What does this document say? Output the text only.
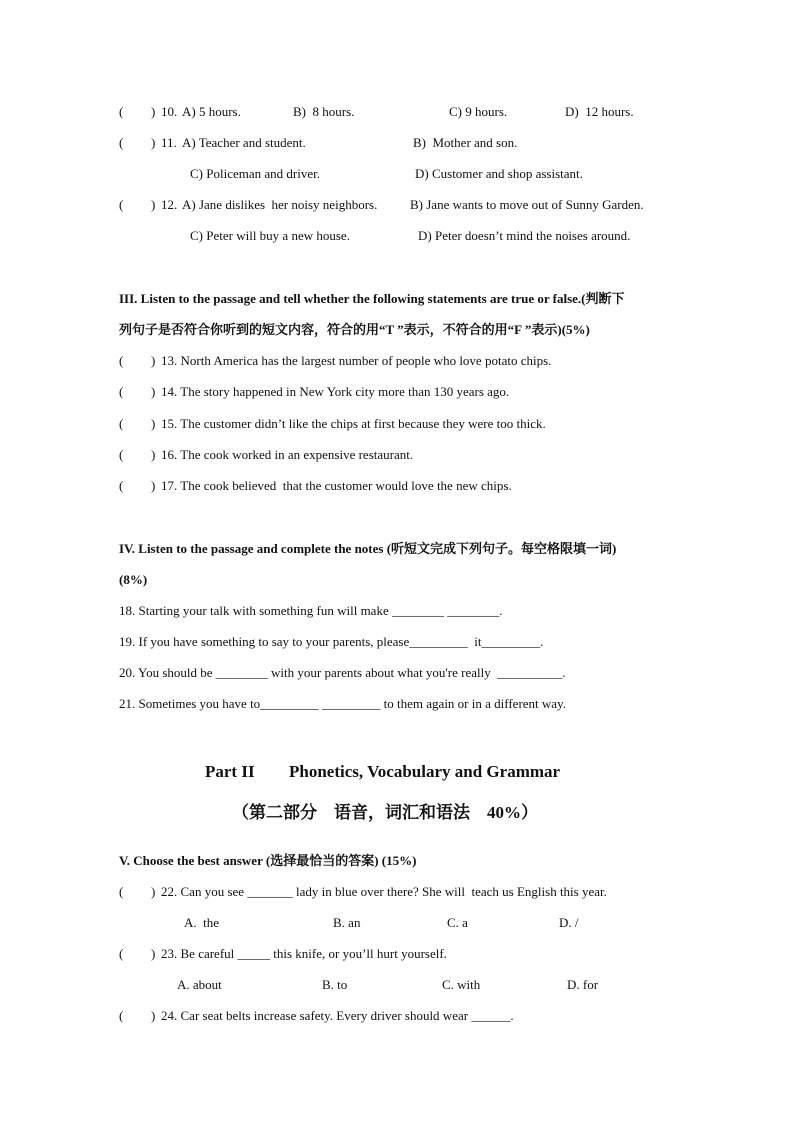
( ) 10. A) 5 hours.	B)  8 hours.	C) 9 hours.	D)  12 hours.
( ) 11. A) Teacher and student.	B)  Mother and son.
C) Policeman and driver.	D) Customer and shop assistant.
( ) 12. A) Jane dislikes  her noisy neighbors.	B) Jane wants to move out of Sunny Garden.
C) Peter will buy a new house.	D) Peter doesn’t mind the noises around.
III. Listen to the passage and tell whether the following statements are true or false.(判断下
列句子是否符合你听到的短文内容，符合的用“T ”表示，不符合的用“F ”表示)(5%)
( ) 13. North America has the largest number of people who love potato chips.
( ) 14. The story happened in New York city more than 130 years ago.
( ) 15. The customer didn’t like the chips at first because they were too thick.
( ) 16. The cook worked in an expensive restaurant.
( ) 17. The cook believed  that the customer would love the new chips.
IV. Listen to the passage and complete the notes (听短文完成下列句子。每空格限填一词)
(8%)
18. Starting your talk with something fun will make ________ ________.
19. If you have something to say to your parents, please_________  it_________.
20. You should be ________ with your parents about what you're really  __________.
21. Sometimes you have to_________ _________ to them again or in a different way.
Part II Phonetics, Vocabulary and Grammar
（第二部分    语音，词汇和语法    40%）
V. Choose the best answer (选择最恰当的答案) (15%)
( ) 22. Can you see _______ lady in blue over there? She will  teach us English this year.
A.  the	B. an	C. a	D. /
( ) 23. Be careful _____ this knife, or you’ll hurt yourself.
A. about	B. to	C. with	D. for
( ) 24. Car seat belts increase safety. Every driver should wear ______.
